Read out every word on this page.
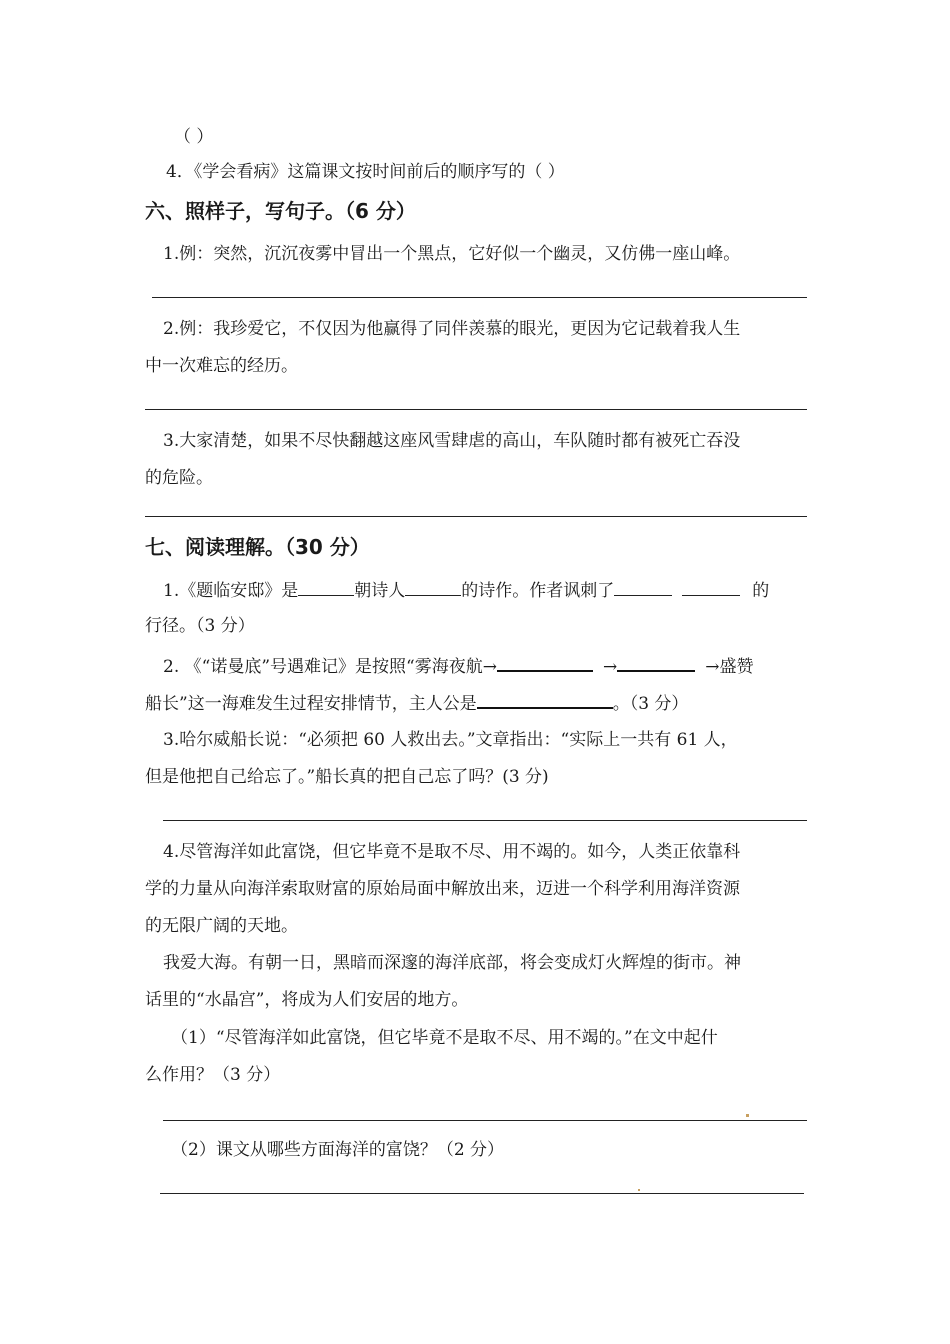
（ ）
4．《学会看病》这篇课文按时间前后的顺序写的（ ）
六、照样子，写句子。（6 分）
1.例：突然，沉沉夜雾中冒出一个黑点，它好似一个幽灵，又仿佛一座山峰。
2.例：我珍爱它，不仅因为他赢得了同伴羡慕的眼光，更因为它记载着我人生
中一次难忘的经历。
3.大家清楚，如果不尽快翻越这座风雪肆虐的高山，车队随时都有被死亡吞没
的危险。
七、阅读理解。（30 分）
1.《题临安邸》是	朝诗人	的诗作。作者讽刺了	的
行径。（3 分）
2. 《“诺曼底”号遇难记》是按照“雾海夜航→	→	→盛赞
船长”这一海难发生过程安排情节，主人公是	。（3 分）
3.哈尔威船长说：“必须把 60 人救出去。”文章指出：“实际上一共有 61 人，
但是他把自己给忘了。”船长真的把自己忘了吗？(3 分)
4.尽管海洋如此富饶，但它毕竟不是取不尽、用不竭的。如今，人类正依靠科
学的力量从向海洋索取财富的原始局面中解放出来，迈进一个科学利用海洋资源
的无限广阔的天地。
我爱大海。有朝一日，黑暗而深邃的海洋底部，将会变成灯火辉煌的街市。神
话里的“水晶宫”，将成为人们安居的地方。
（1）“尽管海洋如此富饶，但它毕竟不是取不尽、用不竭的。”在文中起什
么作用？（3 分）
（2）课文从哪些方面海洋的富饶？（2 分）
